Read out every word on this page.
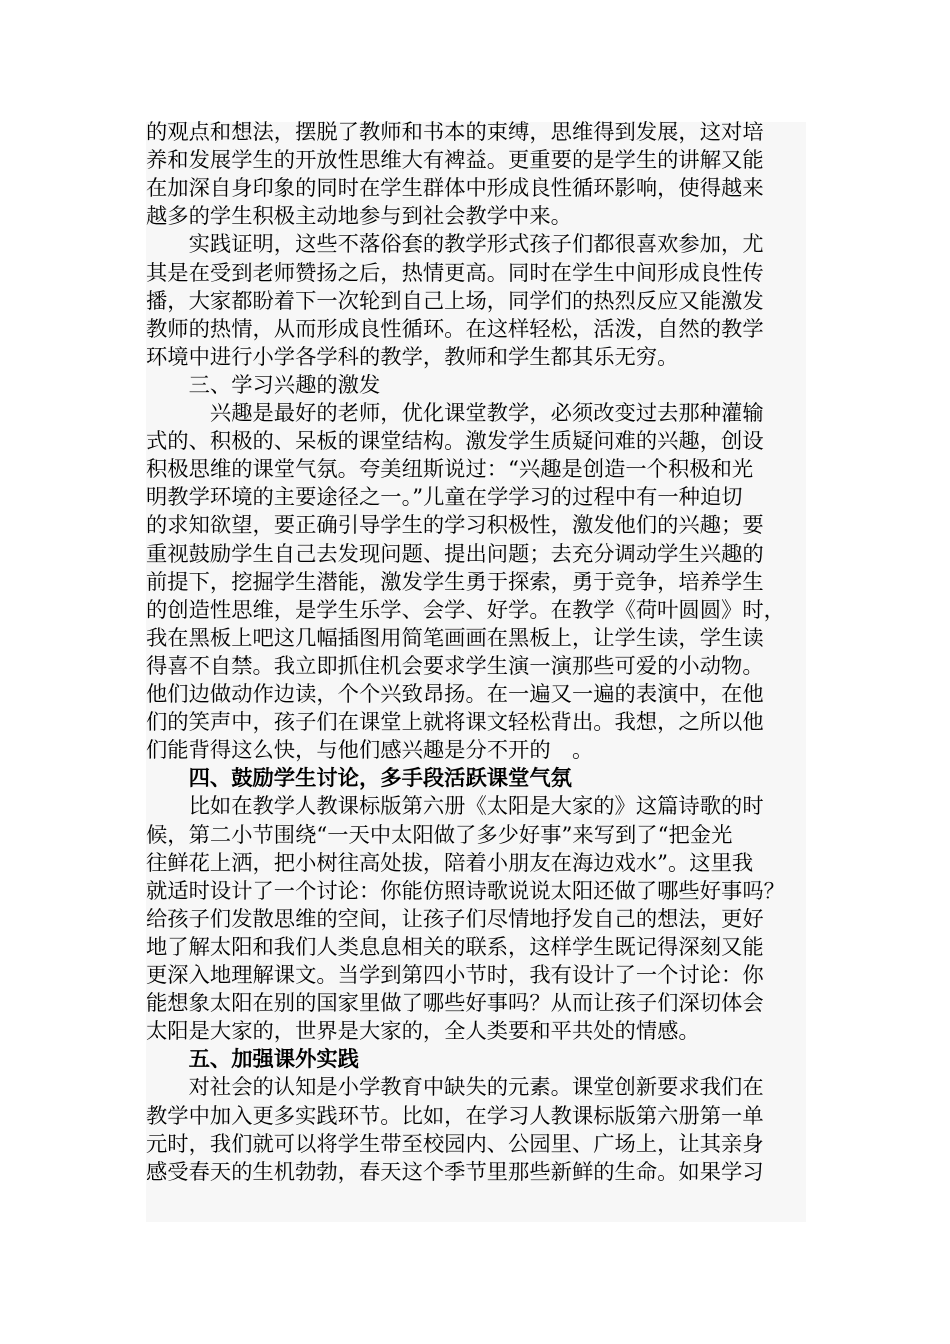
的观点和想法，摆脱了教师和书本的束缚，思维得到发展，这对培
养和发展学生的开放性思维大有裨益。更重要的是学生的讲解又能
在加深自身印象的同时在学生群体中形成良性循环影响，使得越来
越多的学生积极主动地参与到社会教学中来。
　　实践证明，这些不落俗套的教学形式孩子们都很喜欢参加，尤
其是在受到老师赞扬之后，热情更高。同时在学生中间形成良性传
播，大家都盼着下一次轮到自己上场，同学们的热烈反应又能激发
教师的热情，从而形成良性循环。在这样轻松，活泼，自然的教学
环境中进行小学各学科的教学，教师和学生都其乐无穷。
　　三、学习兴趣的激发
　　　兴趣是最好的老师，优化课堂教学，必须改变过去那种灌输
式的、积极的、呆板的课堂结构。激发学生质疑问难的兴趣，创设
积极思维的课堂气氛。夸美纽斯说过：“兴趣是创造一个积极和光
明教学环境的主要途径之一。”儿童在学学习的过程中有一种迫切
的求知欲望，要正确引导学生的学习积极性，激发他们的兴趣；要
重视鼓励学生自己去发现问题、提出问题；去充分调动学生兴趣的
前提下，挖掘学生潜能，激发学生勇于探索，勇于竞争，培养学生
的创造性思维，是学生乐学、会学、好学。在教学《荷叶圆圆》时，
我在黑板上吧这几幅插图用简笔画画在黑板上，让学生读，学生读
得喜不自禁。我立即抓住机会要求学生演一演那些可爱的小动物。
他们边做动作边读，个个兴致昂扬。在一遍又一遍的表演中，在他
们的笑声中，孩子们在课堂上就将课文轻松背出。我想，之所以他
们能背得这么快，与他们感兴趣是分不开的　。
　　四、鼓励学生讨论，多手段活跃课堂气氛
　　比如在教学人教课标版第六册《太阳是大家的》这篇诗歌的时
候，第二小节围绕“一天中太阳做了多少好事”来写到了“把金光
往鲜花上洒，把小树往高处拔，陪着小朋友在海边戏水”。这里我
就适时设计了一个讨论：你能仿照诗歌说说太阳还做了哪些好事吗？
给孩子们发散思维的空间，让孩子们尽情地抒发自己的想法，更好
地了解太阳和我们人类息息相关的联系，这样学生既记得深刻又能
更深入地理解课文。当学到第四小节时，我有设计了一个讨论：你
能想象太阳在别的国家里做了哪些好事吗？从而让孩子们深切体会
太阳是大家的，世界是大家的，全人类要和平共处的情感。
　　五、加强课外实践
　　对社会的认知是小学教育中缺失的元素。课堂创新要求我们在
教学中加入更多实践环节。比如，在学习人教课标版第六册第一单
元时，我们就可以将学生带至校园内、公园里、广场上，让其亲身
感受春天的生机勃勃，春天这个季节里那些新鲜的生命。如果学习
